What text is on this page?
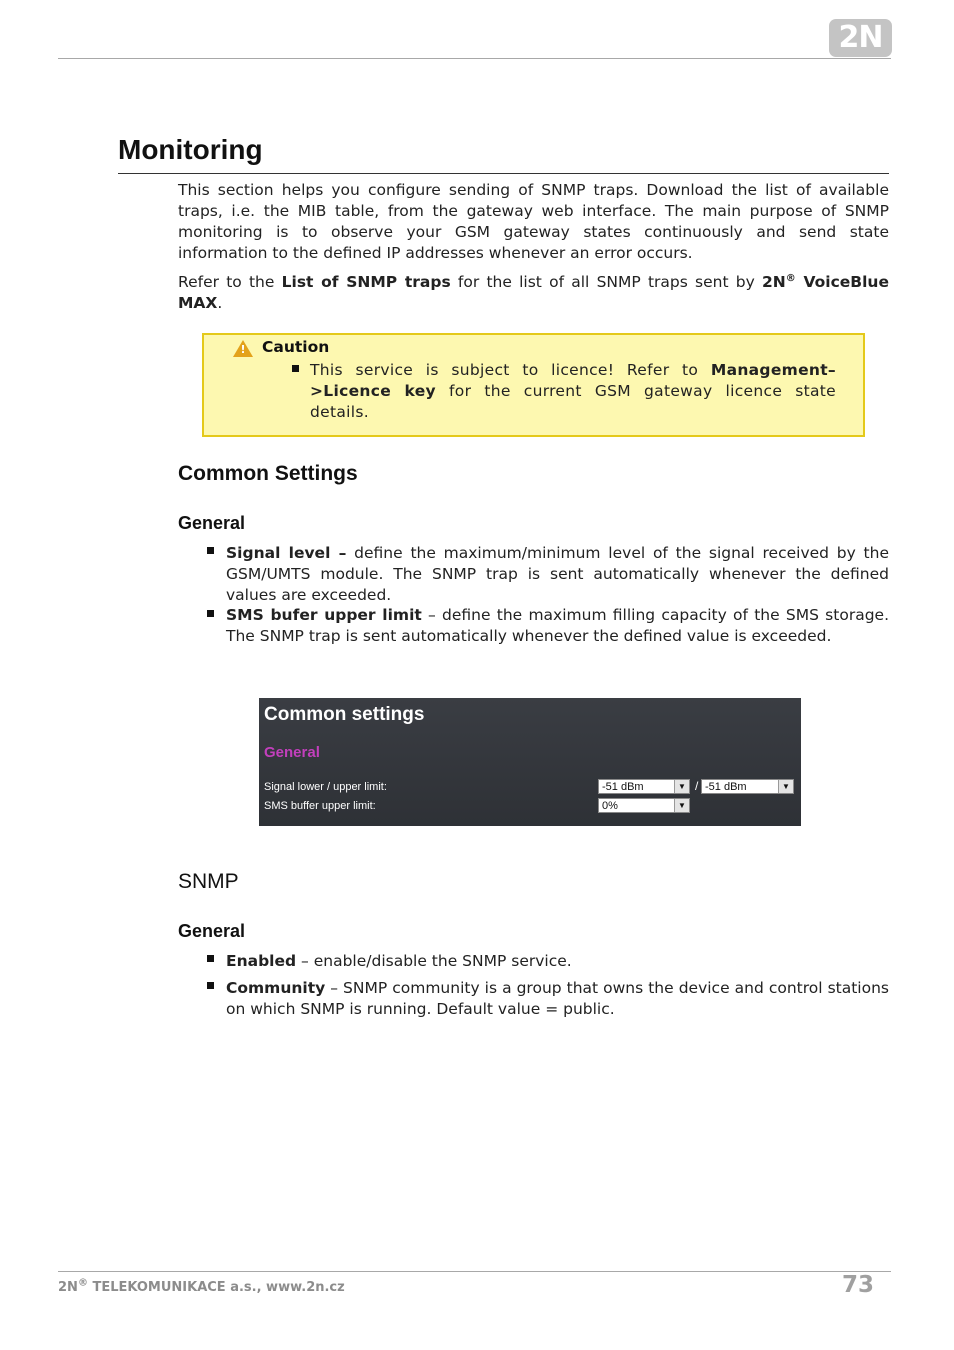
2N
Monitoring

This section helps you configure sending of SNMP traps. Download the list of available traps, i.e. the MIB table, from the gateway web interface. The main purpose of SNMP monitoring is to observe your GSM gateway states continuously and send state information to the defined IP addresses whenever an error occurs.

Refer to the List of SNMP traps for the list of all SNMP traps sent by 2N® VoiceBlue MAX.

! Caution

This service is subject to licence! Refer to Management–>Licence key for the current GSM gateway licence state details.

Common Settings
General

Signal level – define the maximum/minimum level of the signal received by the GSM/UMTS module. The SNMP trap is sent automatically whenever the defined values are exceeded.

SMS bufer upper limit – define the maximum filling capacity of the SMS storage. The SNMP trap is sent automatically whenever the defined value is exceeded.

Common settings
General
Signal lower / upper limit:	-51 dBm	▼ / -51 dBm	▼
SMS buffer upper limit:	0%	▼
SNMP
General

Enabled – enable/disable the SNMP service.

Community – SNMP community is a group that owns the device and control stations on which SNMP is running. Default value = public.

2N® TELEKOMUNIKACE a.s., www.2n.cz	73
